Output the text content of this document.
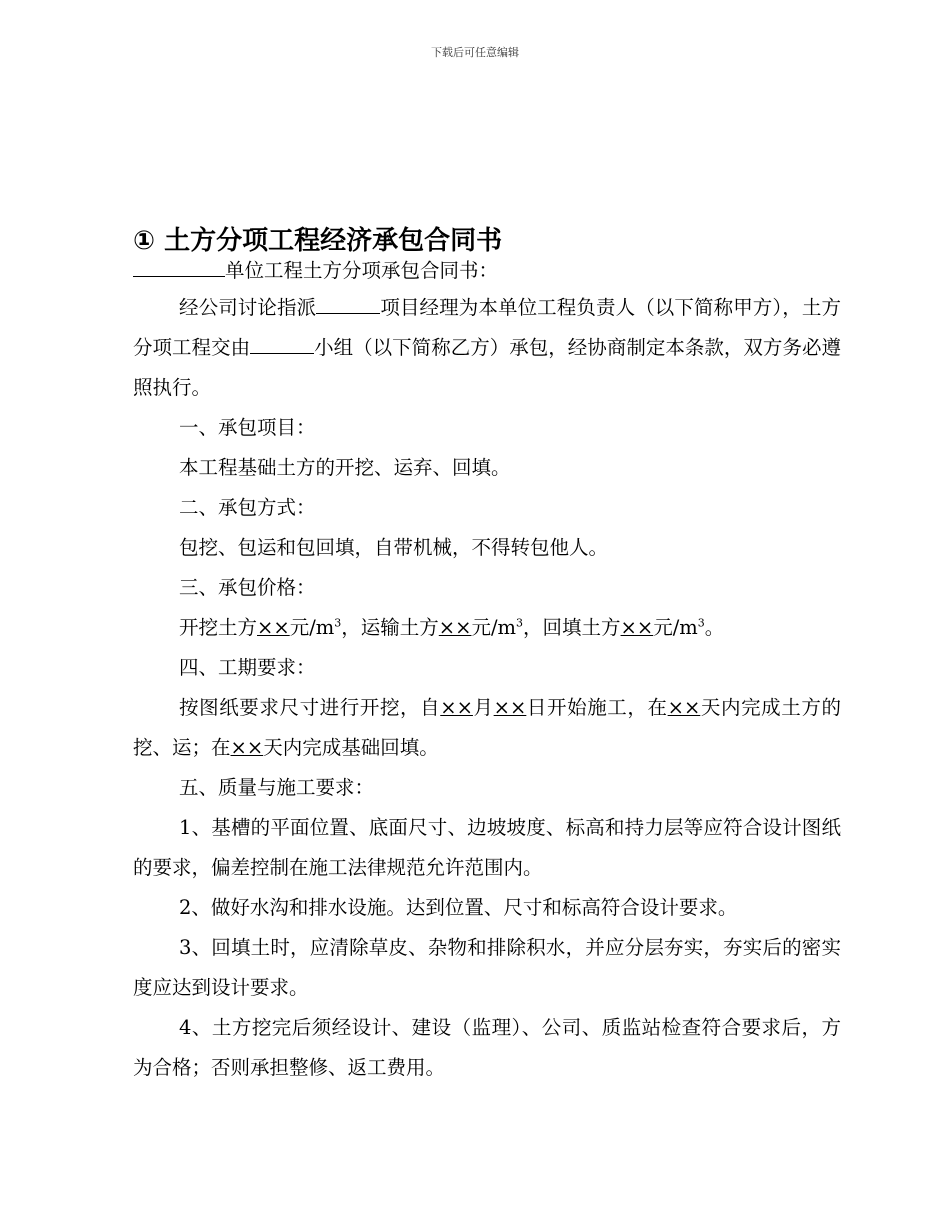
下载后可任意编辑
① 土方分项工程经济承包合同书
单位工程土方分项承包合同书：
经公司讨论指派	项目经理为本单位工程负责人（以下简称甲方），土方分项工程交由	小组（以下简称乙方）承包，经协商制定本条款，双方务必遵照执行。
一、承包项目：
本工程基础土方的开挖、运弃、回填。
二、承包方式：
包挖、包运和包回填，自带机械，不得转包他人。
三、承包价格：
开挖土方××元$/m^3$，运输土方××元$/m^3$，回填土方××元$/m^3$。
四、工期要求：
按图纸要求尺寸进行开挖，自××月××日开始施工，在××天内完成土方的挖、运；在××天内完成基础回填。
五、质量与施工要求：
1、基槽的平面位置、底面尺寸、边坡坡度、标高和持力层等应符合设计图纸的要求，偏差控制在施工法律规范允许范围内。
2、做好水沟和排水设施。达到位置、尺寸和标高符合设计要求。
3、回填土时，应清除草皮、杂物和排除积水，并应分层夯实，夯实后的密实度应达到设计要求。
4、土方挖完后须经设计、建设（监理）、公司、质监站检查符合要求后，方为合格；否则承担整修、返工费用。
